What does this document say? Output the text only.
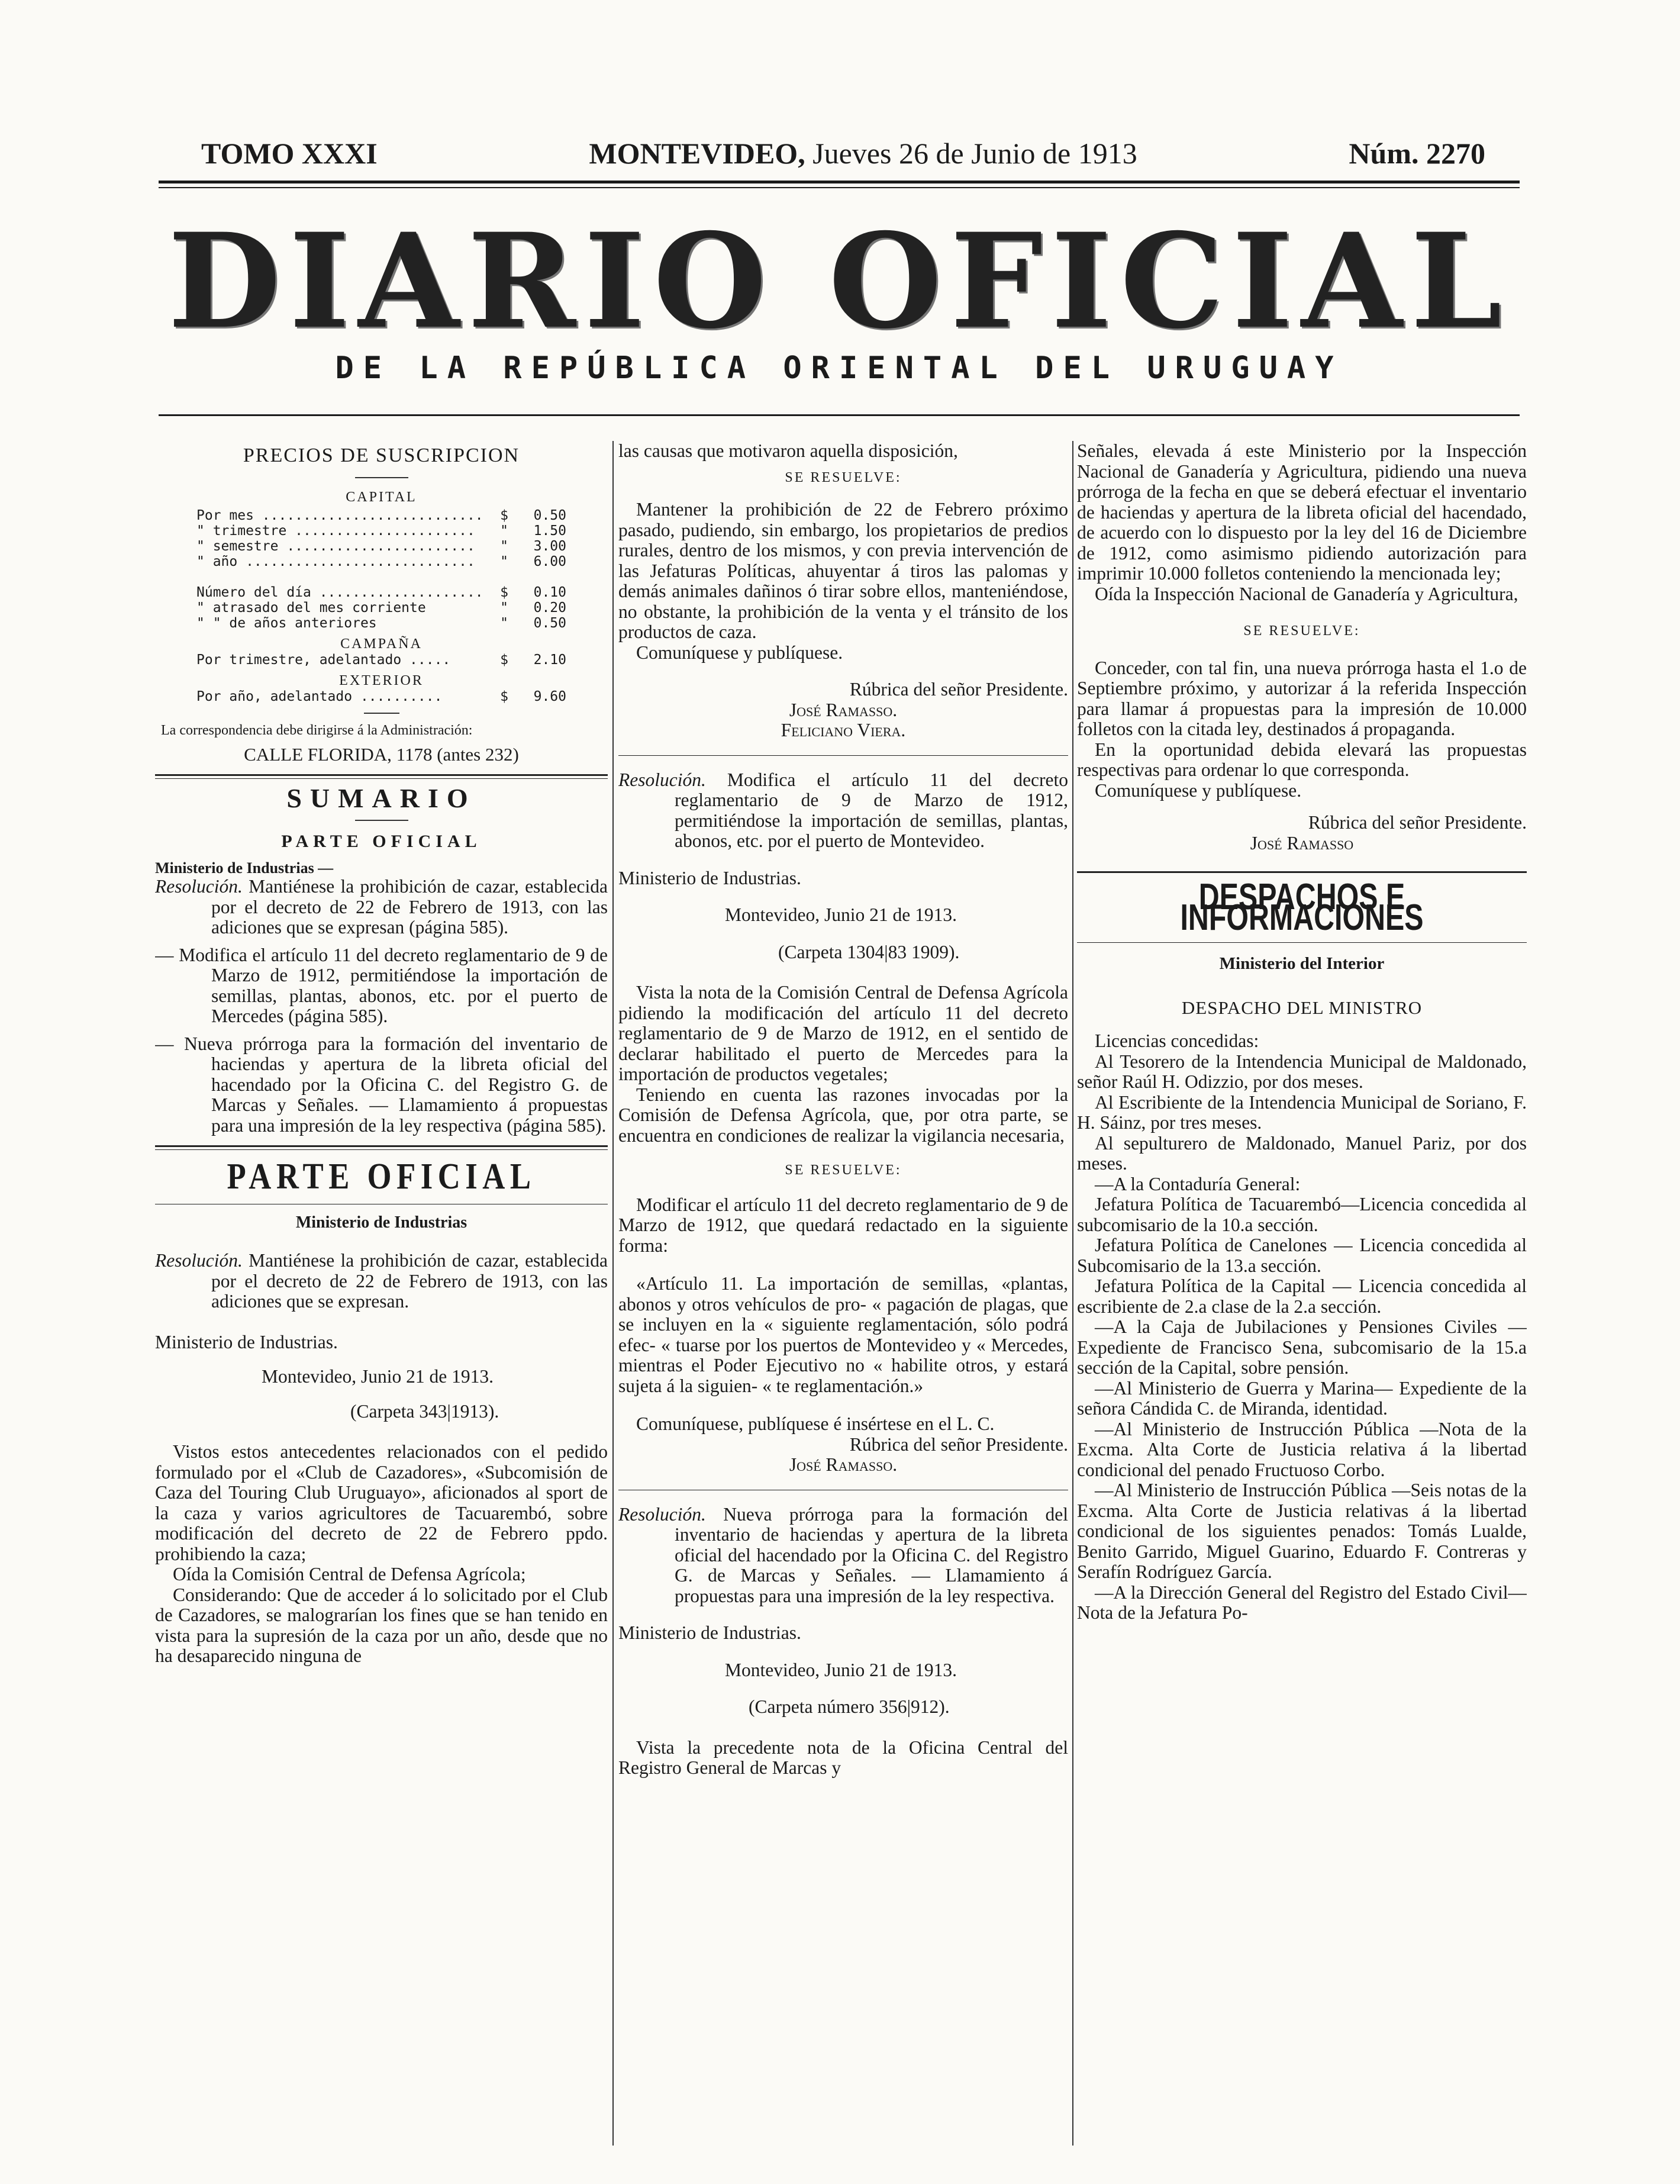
TOMO XXXI	MONTEVIDEO, Jueves 26 de Junio de 1913	Núm. 2270
DIARIO OFICIAL
DE LA REPÚBLICA ORIENTAL DEL URUGUAY

PRECIOS DE SUSCRIPCION

CAPITAL

Por mes ...........................	$	0.50
" trimestre ......................	"	1.50
" semestre .......................	"	3.00
" año ............................	"	6.00
Número del día ....................	$	0.10
" atrasado del mes corriente	"	0.20
" " de años anteriores	"	0.50

CAMPAÑA

Por trimestre, adelantado .....	$	2.10

EXTERIOR

Por año, adelantado ..........	$	9.60

La correspondencia debe dirigirse á la Administración:

CALLE FLORIDA, 1178 (antes 232)

SUMARIO

PARTE OFICIAL

Ministerio de Industrias —

Resolución. Mantiénese la prohibición de cazar, establecida por el decreto de 22 de Febrero de 1913, con las adiciones que se expresan (página 585).

— Modifica el artículo 11 del decreto reglamentario de 9 de Marzo de 1912, permitiéndose la importación de semillas, plantas, abonos, etc. por el puerto de Mercedes (página 585).

— Nueva prórroga para la formación del inventario de haciendas y apertura de la libreta oficial del hacendado por la Oficina C. del Registro G. de Marcas y Señales. — Llamamiento á propuestas para una impresión de la ley respectiva (página 585).

PARTE OFICIAL

Ministerio de Industrias

Resolución. Mantiénese la prohibición de cazar, establecida por el decreto de 22 de Febrero de 1913, con las adiciones que se expresan.

Ministerio de Industrias.

Montevideo, Junio 21 de 1913.

(Carpeta 343|1913).

Vistos estos antecedentes relacionados con el pedido formulado por el «Club de Cazadores», «Subcomisión de Caza del Touring Club Uruguayo», aficionados al sport de la caza y varios agricultores de Tacuarembó, sobre modificación del decreto de 22 de Febrero ppdo. prohibiendo la caza;

Oída la Comisión Central de Defensa Agrícola;

Considerando: Que de acceder á lo solicitado por el Club de Cazadores, se malograrían los fines que se han tenido en vista para la supresión de la caza por un año, desde que no ha desaparecido ninguna de

las causas que motivaron aquella disposición,

SE RESUELVE:

Mantener la prohibición de 22 de Febrero próximo pasado, pudiendo, sin embargo, los propietarios de predios rurales, dentro de los mismos, y con previa intervención de las Jefaturas Políticas, ahuyentar á tiros las palomas y demás animales dañinos ó tirar sobre ellos, manteniéndose, no obstante, la prohibición de la venta y el tránsito de los productos de caza.

Comuníquese y publíquese.

Rúbrica del señor Presidente.

José Ramasso.

Feliciano Viera.

Resolución. Modifica el artículo 11 del decreto reglamentario de 9 de Marzo de 1912, permitiéndose la importación de semillas, plantas, abonos, etc. por el puerto de Montevideo.

Ministerio de Industrias.

Montevideo, Junio 21 de 1913.

(Carpeta 1304|83 1909).

Vista la nota de la Comisión Central de Defensa Agrícola pidiendo la modificación del artículo 11 del decreto reglamentario de 9 de Marzo de 1912, en el sentido de declarar habilitado el puerto de Mercedes para la importación de productos vegetales;

Teniendo en cuenta las razones invocadas por la Comisión de Defensa Agrícola, que, por otra parte, se encuentra en condiciones de realizar la vigilancia necesaria,

SE RESUELVE:

Modificar el artículo 11 del decreto reglamentario de 9 de Marzo de 1912, que quedará redactado en la siguiente forma:

«Artículo 11. La importación de semillas, «plantas, abonos y otros vehículos de pro- « pagación de plagas, que se incluyen en la « siguiente reglamentación, sólo podrá efec- « tuarse por los puertos de Montevideo y « Mercedes, mientras el Poder Ejecutivo no « habilite otros, y estará sujeta á la siguien- « te reglamentación.»

Comuníquese, publíquese é insértese en el L. C.

Rúbrica del señor Presidente.

José Ramasso.

Resolución. Nueva prórroga para la formación del inventario de haciendas y apertura de la libreta oficial del hacendado por la Oficina C. del Registro G. de Marcas y Señales. — Llamamiento á propuestas para una impresión de la ley respectiva.

Ministerio de Industrias.

Montevideo, Junio 21 de 1913.

(Carpeta número 356|912).

Vista la precedente nota de la Oficina Central del Registro General de Marcas y

Señales, elevada á este Ministerio por la Inspección Nacional de Ganadería y Agricultura, pidiendo una nueva prórroga de la fecha en que se deberá efectuar el inventario de haciendas y apertura de la libreta oficial del hacendado, de acuerdo con lo dispuesto por la ley del 16 de Diciembre de 1912, como asimismo pidiendo autorización para imprimir 10.000 folletos conteniendo la mencionada ley;

Oída la Inspección Nacional de Ganadería y Agricultura,

SE RESUELVE:

Conceder, con tal fin, una nueva prórroga hasta el 1.o de Septiembre próximo, y autorizar á la referida Inspección para llamar á propuestas para la impresión de 10.000 folletos con la citada ley, destinados á propaganda.

En la oportunidad debida elevará las propuestas respectivas para ordenar lo que corresponda.

Comuníquese y publíquese.

Rúbrica del señor Presidente.

José Ramasso

DESPACHOS E INFORMACIONES

Ministerio del Interior

DESPACHO DEL MINISTRO

Licencias concedidas:

Al Tesorero de la Intendencia Municipal de Maldonado, señor Raúl H. Odizzio, por dos meses.

Al Escribiente de la Intendencia Municipal de Soriano, F. H. Sáinz, por tres meses.

Al sepulturero de Maldonado, Manuel Pariz, por dos meses.

—A la Contaduría General:

Jefatura Política de Tacuarembó—Licencia concedida al subcomisario de la 10.a sección.

Jefatura Política de Canelones — Licencia concedida al Subcomisario de la 13.a sección.

Jefatura Política de la Capital — Licencia concedida al escribiente de 2.a clase de la 2.a sección.

—A la Caja de Jubilaciones y Pensiones Civiles — Expediente de Francisco Sena, subcomisario de la 15.a sección de la Capital, sobre pensión.

—Al Ministerio de Guerra y Marina— Expediente de la señora Cándida C. de Miranda, identidad.

—Al Ministerio de Instrucción Pública —Nota de la Excma. Alta Corte de Justicia relativa á la libertad condicional del penado Fructuoso Corbo.

—Al Ministerio de Instrucción Pública —Seis notas de la Excma. Alta Corte de Justicia relativas á la libertad condicional de los siguientes penados: Tomás Lualde, Benito Garrido, Miguel Guarino, Eduardo F. Contreras y Serafín Rodríguez García.

—A la Dirección General del Registro del Estado Civil—Nota de la Jefatura Po-
